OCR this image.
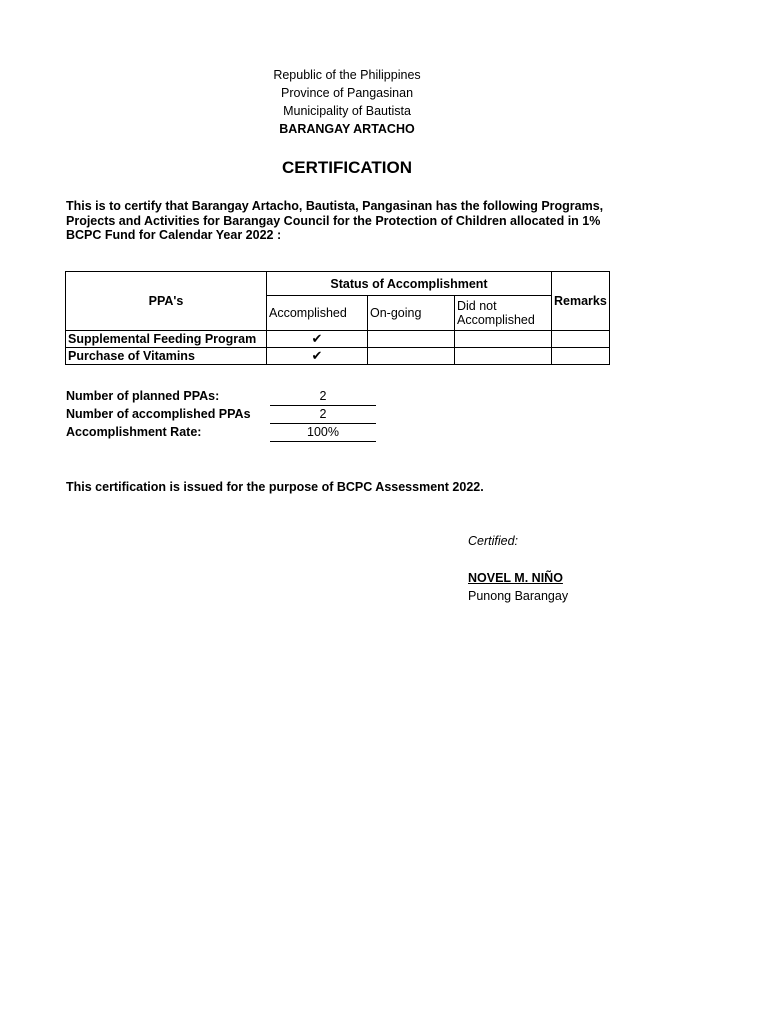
Republic of the Philippines
Province of Pangasinan
Municipality of Bautista
BARANGAY ARTACHO
CERTIFICATION
This is to certify that Barangay Artacho, Bautista, Pangasinan has the following Programs, Projects and Activities for Barangay Council for the Protection of Children allocated in 1% BCPC Fund for Calendar Year 2022 :
PPA's	Status of Accomplishment			Remarks
	Accomplished	On-going	Did not
Accomplished	
Supplemental Feeding Program	✔			
Purchase of Vitamins	✔			
Number of planned PPAs:	2
Number of accomplished PPAs	2
Accomplishment Rate:	100%
This certification is issued for the purpose of BCPC Assessment 2022.
Certified:
NOVEL M. NIÑO
Punong Barangay
